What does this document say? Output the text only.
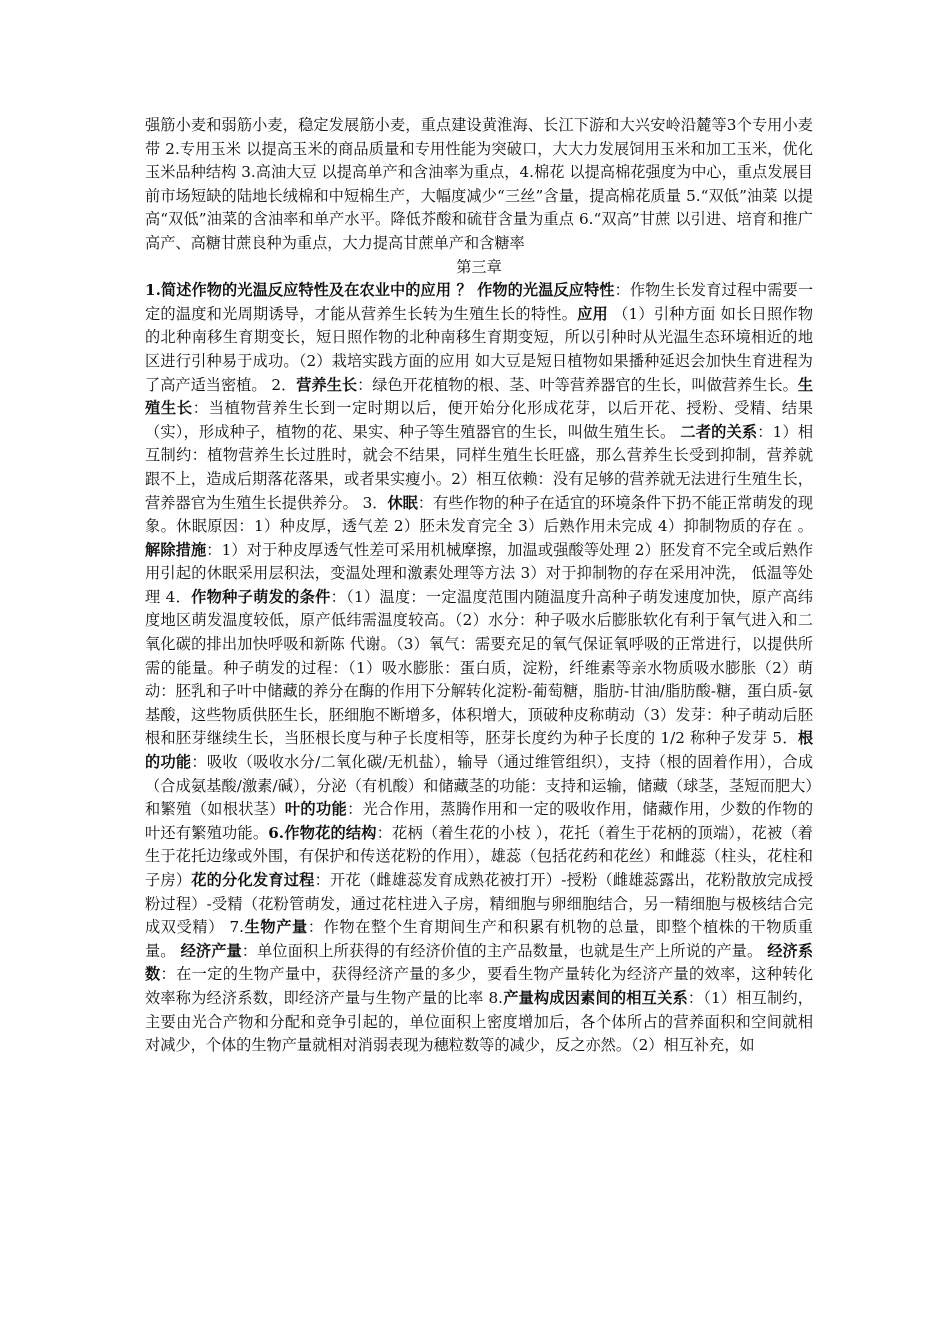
强筋小麦和弱筋小麦，稳定发展筋小麦，重点建设黄淮海、长江下游和大兴安岭沿麓等3个专用小麦带 2.专用玉米 以提高玉米的商品质量和专用性能为突破口，大大力发展饲用玉米和加工玉米，优化玉米品种结构 3.高油大豆 以提高单产和含油率为重点，4.棉花 以提高棉花强度为中心，重点发展目前市场短缺的陆地长绒棉和中短棉生产，大幅度减少“三丝”含量，提高棉花质量 5.“双低”油菜 以提高“双低”油菜的含油率和单产水平。降低芥酸和硫苷含量为重点 6.“双高”甘蔗 以引进、培育和推广高产、高糖甘蔗良种为重点，大力提高甘蔗单产和含糖率

第三章

1.简述作物的光温反应特性及在农业中的应用 ？ 作物的光温反应特性：作物生长发育过程中需要一定的温度和光周期诱导，才能从营养生长转为生殖生长的特性。应用 （1）引种方面 如长日照作物的北种南移生育期变长，短日照作物的北种南移生育期变短，所以引种时从光温生态环境相近的地区进行引种易于成功。（2）栽培实践方面的应用 如大豆是短日植物如果播种延迟会加快生育进程为了高产适当密植。 2．营养生长：绿色开花植物的根、茎、叶等营养器官的生长，叫做营养生长。生殖生长：当植物营养生长到一定时期以后，便开始分化形成花芽，以后开花、授粉、受精、结果（实），形成种子，植物的花、果实、种子等生殖器官的生长，叫做生殖生长。 二者的关系：1）相互制约：植物营养生长过胜时，就会不结果，同样生殖生长旺盛，那么营养生长受到抑制，营养就跟不上，造成后期落花落果，或者果实瘦小。2）相互依赖：没有足够的营养就无法进行生殖生长，营养器官为生殖生长提供养分。 3．休眠：有些作物的种子在适宜的环境条件下扔不能正常萌发的现象。休眠原因：1）种皮厚，透气差 2）胚未发育完全 3）后熟作用未完成 4）抑制物质的存在 。 解除措施：1）对于种皮厚透气性差可采用机械摩擦，加温或强酸等处理 2）胚发育不完全或后熟作用引起的休眠采用层积法，变温处理和激素处理等方法 3）对于抑制物的存在采用冲洗， 低温等处理 4．作物种子萌发的条件：（1）温度：一定温度范围内随温度升高种子萌发速度加快，原产高纬度地区萌发温度较低，原产低纬需温度较高。（2）水分：种子吸水后膨胀软化有利于氧气进入和二氧化碳的排出加快呼吸和新陈 代谢。（3）氧气：需要充足的氧气保证氧呼吸的正常进行，以提供所需的能量。种子萌发的过程：（1）吸水膨胀：蛋白质，淀粉，纤维素等亲水物质吸水膨胀（2）萌动：胚乳和子叶中储藏的养分在酶的作用下分解转化淀粉-葡萄糖，脂肪-甘油/脂肪酸-糖，蛋白质-氨基酸，这些物质供胚生长，胚细胞不断增多，体积增大，顶破种皮称萌动（3）发芽：种子萌动后胚根和胚芽继续生长，当胚根长度与种子长度相等，胚芽长度约为种子长度的 1/2 称种子发芽 5．根的功能：吸收（吸收水分/二氧化碳/无机盐），输导（通过维管组织），支持（根的固着作用），合成（合成氨基酸/激素/碱），分泌（有机酸）和储藏茎的功能：支持和运输，储藏（球茎，茎短而肥大）和繁殖（如根状茎）叶的功能：光合作用，蒸腾作用和一定的吸收作用，储藏作用，少数的作物的叶还有繁殖功能。6.作物花的结构：花柄（着生花的小枝 ），花托（着生于花柄的顶端），花被（着生于花托边缘或外围，有保护和传送花粉的作用），雄蕊（包括花药和花丝）和雌蕊（柱头，花柱和子房）花的分化发育过程：开花（雌雄蕊发育成熟花被打开）-授粉（雌雄蕊露出，花粉散放完成授粉过程）-受精（花粉管萌发，通过花柱进入子房，精细胞与卵细胞结合，另一精细胞与极核结合完成双受精） 7.生物产量：作物在整个生育期间生产和积累有机物的总量，即整个植株的干物质重量。 经济产量：单位面积上所获得的有经济价值的主产品数量，也就是生产上所说的产量。 经济系数：在一定的生物产量中，获得经济产量的多少，要看生物产量转化为经济产量的效率，这种转化效率称为经济系数，即经济产量与生物产量的比率 8.产量构成因素间的相互关系：（1）相互制约，主要由光合产物和分配和竞争引起的，单位面积上密度增加后，各个体所占的营养面积和空间就相对减少，个体的生物产量就相对消弱表现为穗粒数等的减少，反之亦然。（2）相互补充，如
